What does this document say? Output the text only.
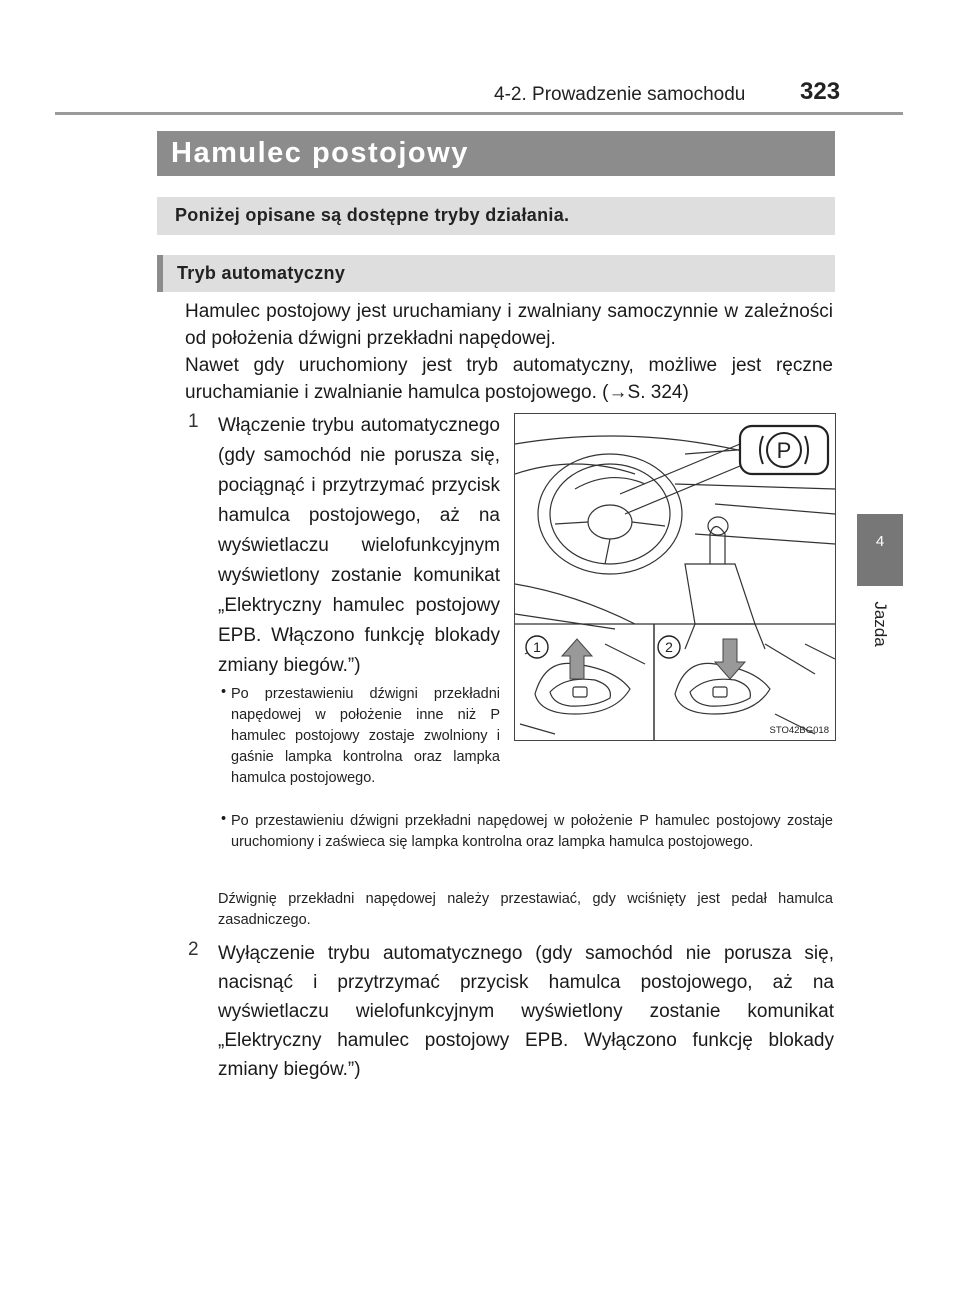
4-2. Prowadzenie samochodu 323
4
Jazda
Hamulec postojowy
Poniżej opisane są dostępne tryby działania.
Tryb automatyczny

Hamulec postojowy jest uruchamiany i zwalniany samoczynnie w zależności od położenia dźwigni przekładni napędowej.

Nawet gdy uruchomiony jest tryb automatyczny, możliwe jest ręczne uruchamianie i zwalnianie hamulca postojowego. (→S. 324)

1	Włączenie trybu automatycznego (gdy samochód nie porusza się, pociągnąć i przytrzymać przycisk hamulca postojowego, aż na wyświetlaczu wielofunkcyjnym wyświetlony zostanie komunikat „Elektryczny hamulec postojowy EPB. Włączono funkcję blokady zmiany biegów.”)

• Po przestawieniu dźwigni przekładni napędowej w położenie inne niż P hamulec postojowy zostaje zwolniony i gaśnie lampka kontrolna oraz lampka hamulca postojowego.

• Po przestawieniu dźwigni przekładni napędowej w położenie P hamulec postojowy zostaje uruchomiony i zaświeca się lampka kontrolna oraz lampka hamulca postojowego.

Dźwignię przekładni napędowej należy przestawiać, gdy wciśnięty jest pedał hamulca zasadniczego.

2	Wyłączenie trybu automatycznego (gdy samochód nie porusza się, nacisnąć i przytrzymać przycisk hamulca postojowego, aż na wyświetlaczu wielofunkcyjnym wyświetlony zostanie komunikat „Elektryczny hamulec postojowy EPB. Wyłączono funkcję blokady zmiany biegów.”)

P
1	2
STO42BG018
